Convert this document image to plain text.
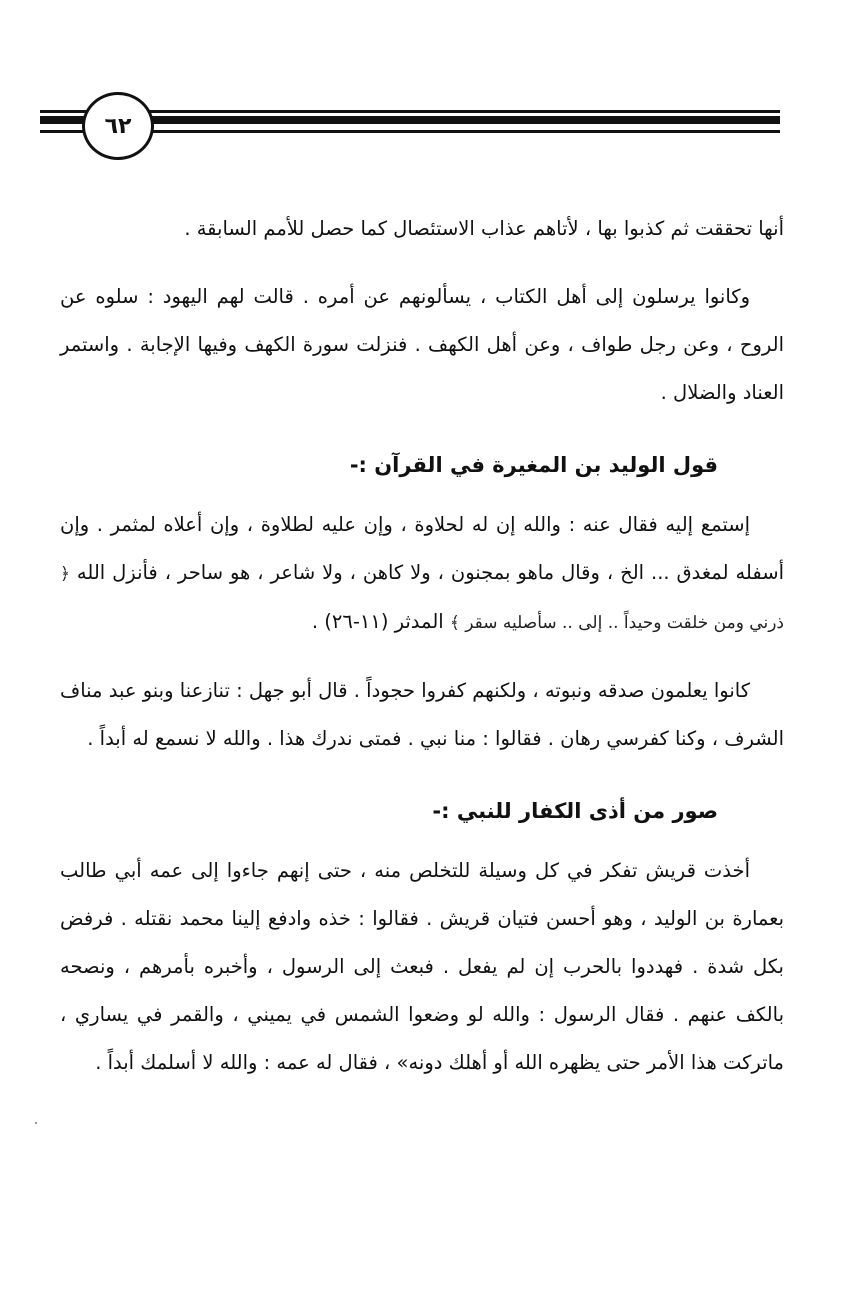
٦٢

أنها تحققت ثم كذبوا بها ، لأتاهم عذاب الاستئصال كما حصل للأمم السابقة .

وكانوا يرسلون إلى أهل الكتاب ، يسألونهم عن أمره . قالت لهم اليهود : سلوه عن الروح ، وعن رجل طواف ، وعن أهل الكهف . فنزلت سورة الكهف وفيها الإجابة . واستمر العناد والضلال .

قول الوليد بن المغيرة في القرآن :-

إستمع إليه فقال عنه : والله إن له لحلاوة ، وإن عليه لطلاوة ، وإن أعلاه لمثمر . وإن أسفله لمغدق ... الخ ، وقال ماهو بمجنون ، ولا كاهن ، ولا شاعر ، هو ساحر ، فأنزل الله ﴿ ذرني ومن خلقت وحيداً .. إلى .. سأصليه سقر ﴾ المدثر (١١-٢٦) .

كانوا يعلمون صدقه ونبوته ، ولكنهم كفروا حجوداً . قال أبو جهل : تنازعنا وبنو عبد مناف الشرف ، وكنا كفرسي رهان . فقالوا : منا نبي . فمتى ندرك هذا . والله لا نسمع له أبداً .

صور من أذى الكفار للنبي :-

أخذت قريش تفكر في كل وسيلة للتخلص منه ، حتى إنهم جاءوا إلى عمه أبي طالب بعمارة بن الوليد ، وهو أحسن فتيان قريش . فقالوا : خذه وادفع إلينا محمد نقتله . فرفض بكل شدة . فهددوا بالحرب إن لم يفعل . فبعث إلى الرسول ، وأخبره بأمرهم ، ونصحه بالكف عنهم . فقال الرسول : والله لو وضعوا الشمس في يميني ، والقمر في يساري ، ماتركت هذا الأمر حتى يظهره الله أو أهلك دونه» ، فقال له عمه : والله لا أسلمك أبداً .
